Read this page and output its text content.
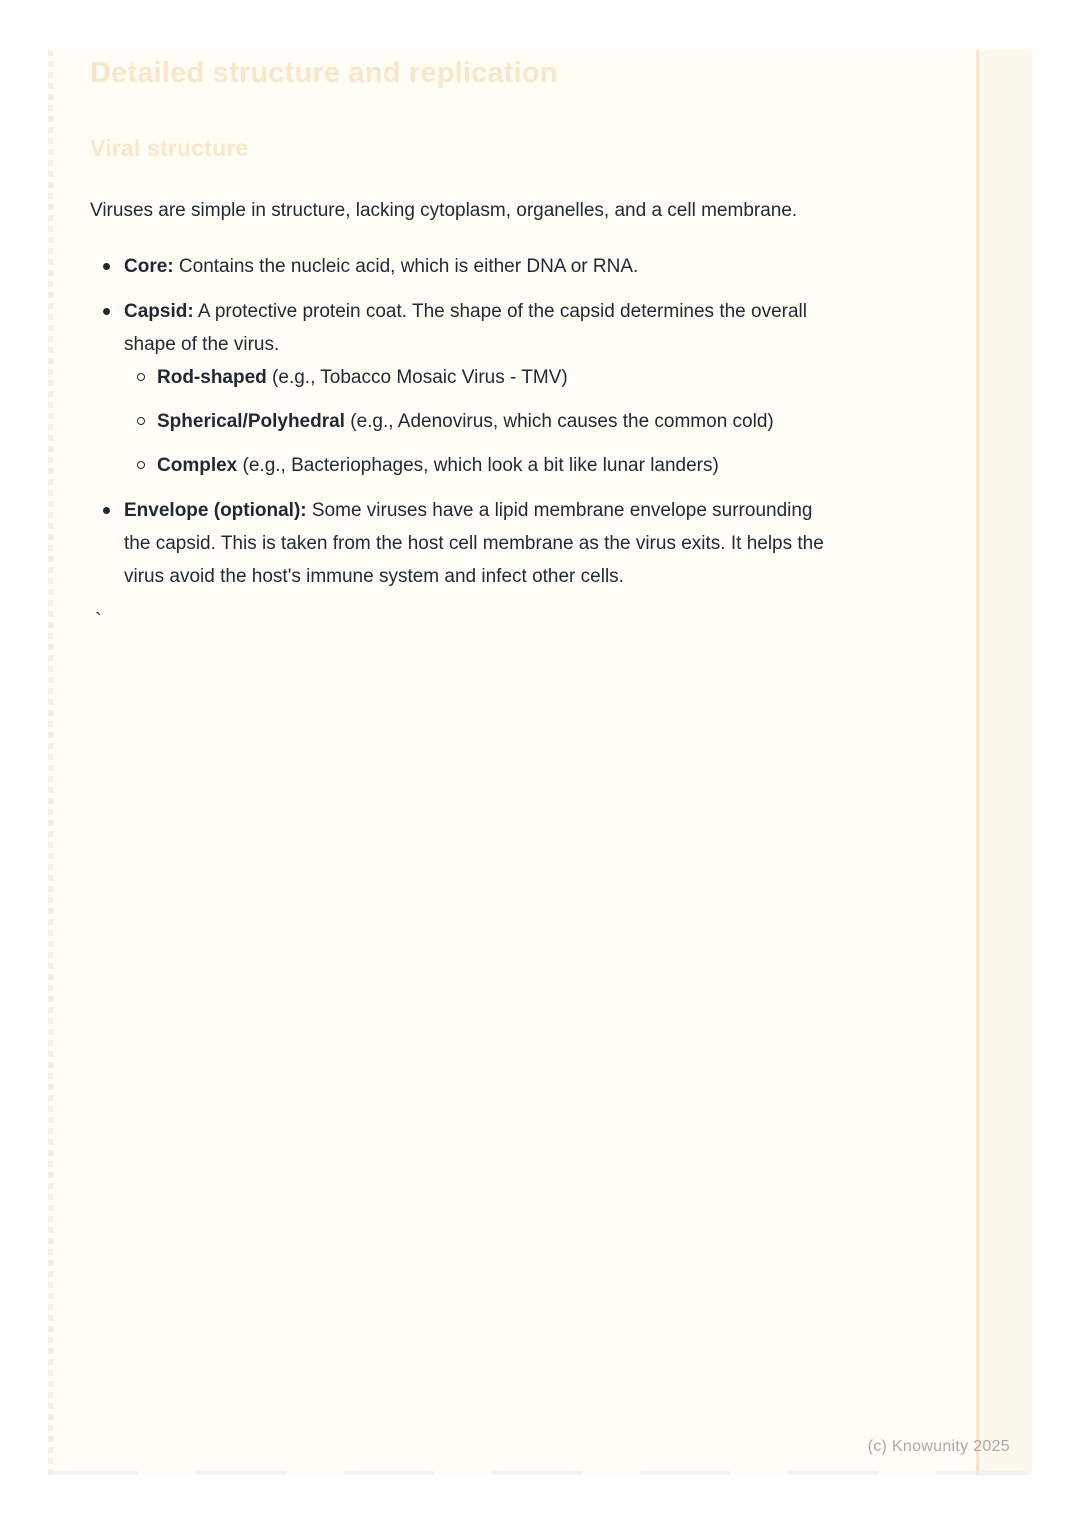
Detailed structure and replication
Viral structure

Viruses are simple in structure, lacking cytoplasm, organelles, and a cell membrane.

Core: Contains the nucleic acid, which is either DNA or RNA.
Capsid: A protective protein coat. The shape of the capsid determines the overall shape of the virus.
Rod-shaped (e.g., Tobacco Mosaic Virus - TMV)
Spherical/Polyhedral (e.g., Adenovirus, which causes the common cold)
Complex (e.g., Bacteriophages, which look a bit like lunar landers)
Envelope (optional): Some viruses have a lipid membrane envelope surrounding the capsid. This is taken from the host cell membrane as the virus exits. It helps the virus avoid the host's immune system and infect other cells.
`
(c) Knowunity 2025
